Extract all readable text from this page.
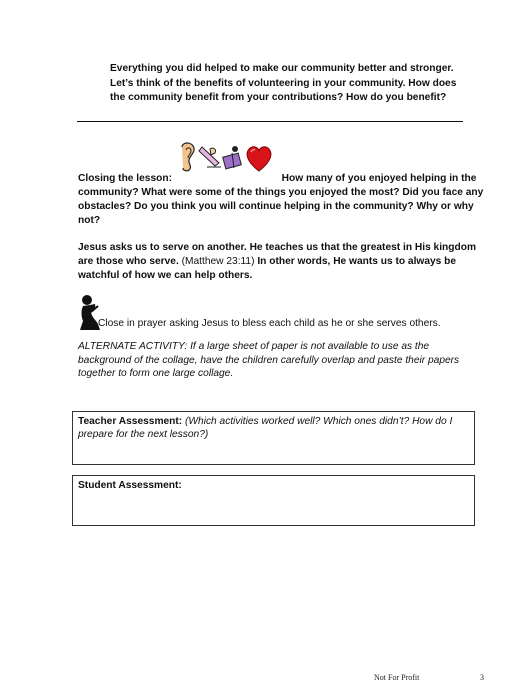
Everything you did helped to make our community better and stronger.

Let’s think of the benefits of volunteering in your community. How does

the community benefit from your contributions? How do you benefit?

Closing the lesson:	How many of you enjoyed helping in the community? What were some of the things you enjoyed the most? Did you face any obstacles? Do you think you will continue helping in the community? Why or why not?
Jesus asks us to serve on another. He teaches us that the greatest in His kingdom are those who serve. (Matthew 23:11) In other words, He wants us to always be watchful of how we can help others.
Close in prayer asking Jesus to bless each child as he or she serves others.
ALTERNATE ACTIVITY: If a large sheet of paper is not available to use as the background of the collage, have the children carefully overlap and paste their papers together to form one large collage.
Teacher Assessment: (Which activities worked well? Which ones didn’t? How do I prepare for the next lesson?)
Student Assessment:
Not For Profit	3
